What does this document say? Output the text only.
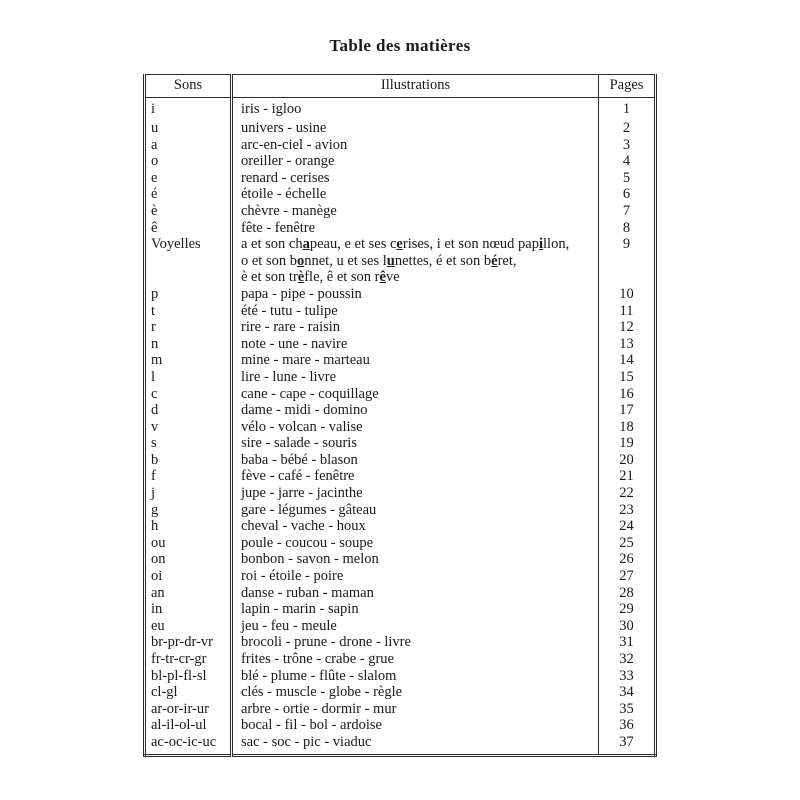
Table des matières
Sons	Illustrations	Pages
i	iris - igloo	1
u	univers - usine	2
a	arc-en-ciel - avion	3
o	oreiller - orange	4
e	renard - cerises	5
é	étoile - échelle	6
è	chèvre - manège	7
ê	fête - fenêtre	8
Voyelles	a et son chapeau, e et ses cerises, i et son nœud papillon,
o et son bonnet, u et ses lunettes, é et son béret,
è et son trèfle, ê et son rêve	9
p	papa - pipe - poussin	10
t	été - tutu - tulipe	11
r	rire - rare - raisin	12
n	note - une - navire	13
m	mine - mare - marteau	14
l	lire - lune - livre	15
c	cane - cape - coquillage	16
d	dame - midi - domino	17
v	vélo - volcan - valise	18
s	sire - salade - souris	19
b	baba - bébé - blason	20
f	fève - café - fenêtre	21
j	jupe - jarre - jacinthe	22
g	gare - légumes - gâteau	23
h	cheval - vache - houx	24
ou	poule - coucou - soupe	25
on	bonbon - savon - melon	26
oi	roi - étoile - poire	27
an	danse - ruban - maman	28
in	lapin - marin - sapin	29
eu	jeu - feu - meule	30
br-pr-dr-vr	brocoli - prune - drone - livre	31
fr-tr-cr-gr	frites - trône - crabe - grue	32
bl-pl-fl-sl	blé - plume - flûte - slalom	33
cl-gl	clés - muscle - globe - règle	34
ar-or-ir-ur	arbre - ortie - dormir - mur	35
al-il-ol-ul	bocal - fil - bol - ardoise	36
ac-oc-ic-uc	sac - soc - pic - viaduc	37
